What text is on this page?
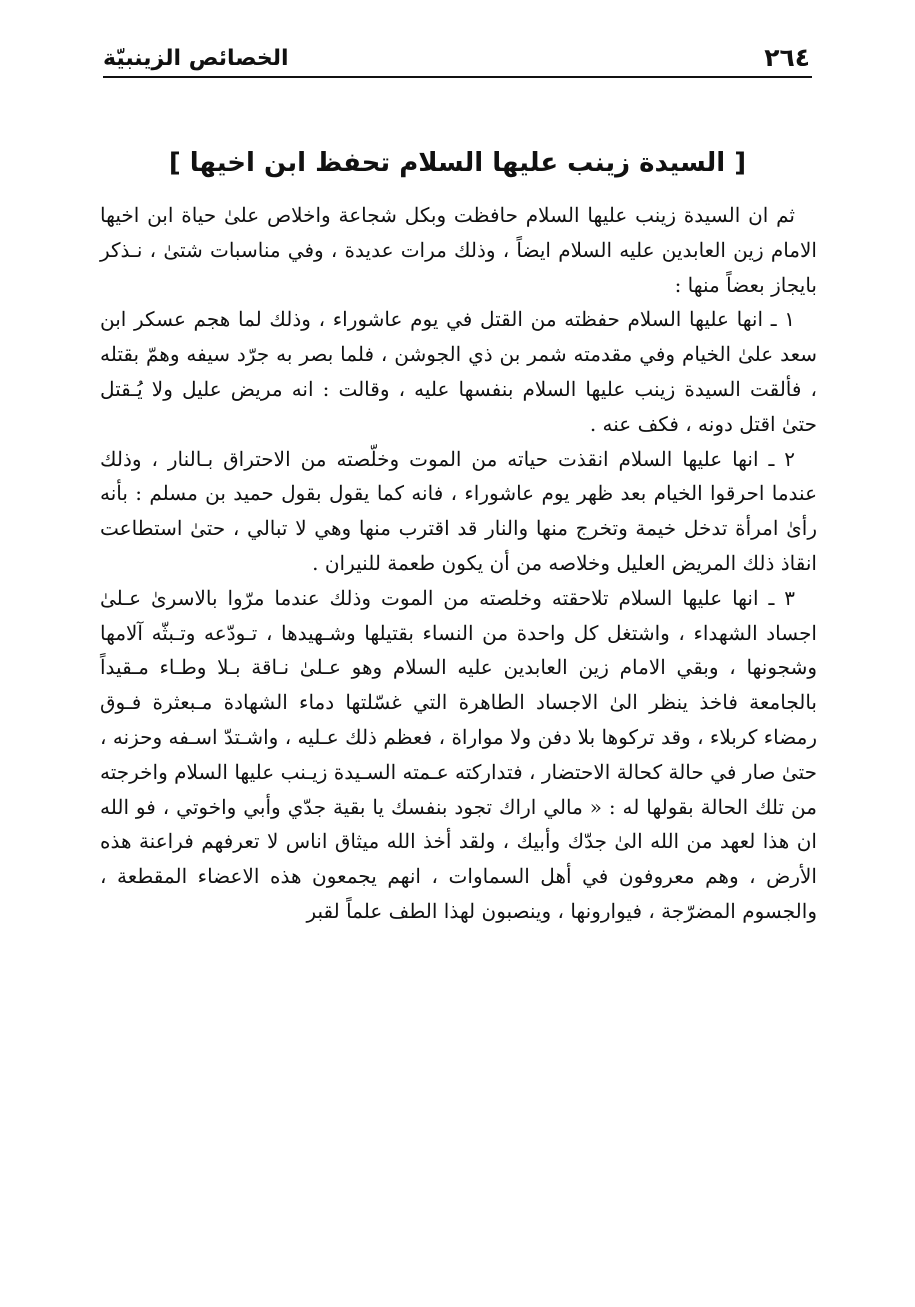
٢٦٤
الخصائص الزينبيّة
[ السيدة زينب عليها السلام تحفظ ابن اخيها ]

ثم ان السيدة زينب عليها السلام حافظت وبكل شجاعة واخلاص علىٰ حياة ابن اخيها الامام زين العابدين عليه السلام ايضاً ، وذلك مرات عديدة ، وفي مناسبات شتىٰ ، نـذكر بايجاز بعضاً منها :

١ ـ انها عليها السلام حفظته من القتل في يوم عاشوراء ، وذلك لما هجم عسكر ابن سعد علىٰ الخيام وفي مقدمته شمر بن ذي الجوشن ، فلما بصر به جرّد سيفه وهمّ بقتله ، فألقت السيدة زينب عليها السلام بنفسها عليه ، وقالت : انه مريض عليل ولا يُـقتل حتىٰ اقتل دونه ، فكف عنه .

٢ ـ انها عليها السلام انقذت حياته من الموت وخلّصته من الاحتراق بـالنار ، وذلك عندما احرقوا الخيام بعد ظهر يوم عاشوراء ، فانه كما يقول بقول حميد بن مسلم : بأنه رأىٰ امرأة تدخل خيمة وتخرج منها والنار قد اقترب منها وهي لا تبالي ، حتىٰ استطاعت انقاذ ذلك المريض العليل وخلاصه من أن يكون طعمة للنيران .

٣ ـ انها عليها السلام تلاحقته وخلصته من الموت وذلك عندما مرّوا بالاسرىٰ عـلىٰ اجساد الشهداء ، واشتغل كل واحدة من النساء بقتيلها وشـهيدها ، تـودّعه وتـبثّه آلامها وشجونها ، وبقي الامام زين العابدين عليه السلام وهو عـلىٰ نـاقة بـلا وطـاء مـقيداً بالجامعة فاخذ ينظر الىٰ الاجساد الطاهرة التي غسّلتها دماء الشهادة مـبعثرة فـوق رمضاء كربلاء ، وقد تركوها بلا دفن ولا مواراة ، فعظم ذلك عـليه ، واشـتدّ اسـفه وحزنه ، حتىٰ صار في حالة كحالة الاحتضار ، فتداركته عـمته السـيدة زيـنب عليها السلام واخرجته من تلك الحالة بقولها له : « مالي اراك تجود بنفسك يا بقية جدّي وأبي واخوتي ، فو الله ان هذا لعهد من الله الىٰ جدّك وأبيك ، ولقد أخذ الله ميثاق اناس لا تعرفهم فراعنة هذه الأرض ، وهم معروفون في أهل السماوات ، انهم يجمعون هذه الاعضاء المقطعة ، والجسوم المضرّجة ، فيوارونها ، وينصبون لهذا الطف علماً لقبر
